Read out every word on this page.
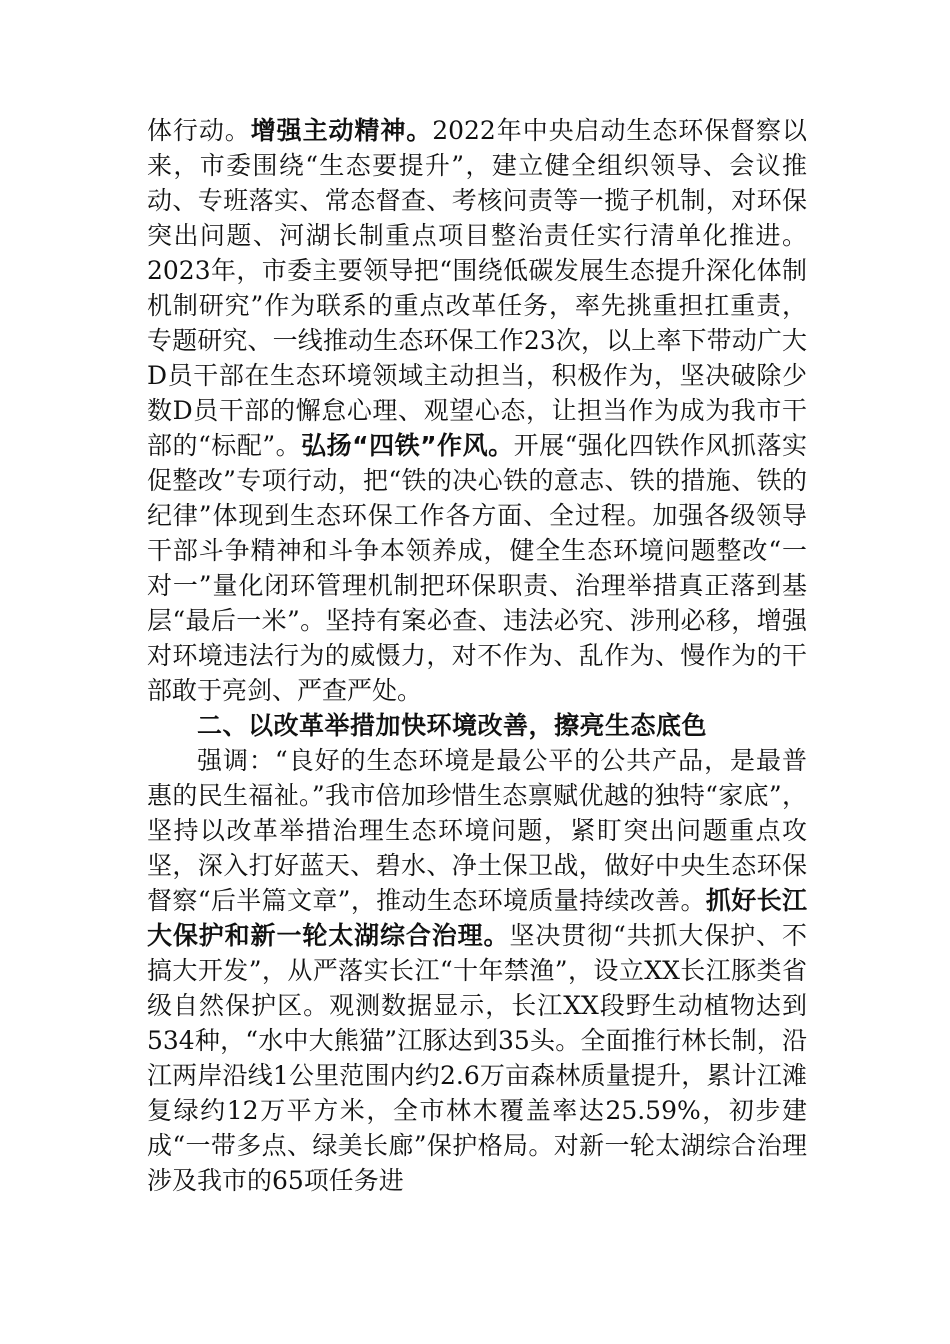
体行动。增强主动精神。2022年中央启动生态环保督察以来，市委围绕“生态要提升”，建立健全组织领导、会议推动、专班落实、常态督查、考核问责等一揽子机制，对环保突出问题、河湖长制重点项目整治责任实行清单化推进。2023年，市委主要领导把“围绕低碳发展生态提升深化体制机制研究”作为联系的重点改革任务，率先挑重担扛重责，专题研究、一线推动生态环保工作23次，以上率下带动广大D员干部在生态环境领域主动担当，积极作为，坚决破除少数D员干部的懈怠心理、观望心态，让担当作为成为我市干部的“标配”。弘扬“四铁”作风。开展“强化四铁作风抓落实促整改”专项行动，把“铁的决心铁的意志、铁的措施、铁的纪律”体现到生态环保工作各方面、全过程。加强各级领导干部斗争精神和斗争本领养成，健全生态环境问题整改“一对一”量化闭环管理机制把环保职责、治理举措真正落到基层“最后一米”。坚持有案必查、违法必究、涉刑必移，增强对环境违法行为的威慑力，对不作为、乱作为、慢作为的干部敢于亮剑、严查严处。

二、以改革举措加快环境改善，擦亮生态底色

强调：“良好的生态环境是最公平的公共产品，是最普惠的民生福祉。”我市倍加珍惜生态禀赋优越的独特“家底”，坚持以改革举措治理生态环境问题，紧盯突出问题重点攻坚，深入打好蓝天、碧水、净土保卫战，做好中央生态环保督察“后半篇文章”，推动生态环境质量持续改善。抓好长江大保护和新一轮太湖综合治理。坚决贯彻“共抓大保护、不搞大开发”，从严落实长江“十年禁渔”，设立XX长江豚类省级自然保护区。观测数据显示，长江XX段野生动植物达到534种，“水中大熊猫”江豚达到35头。全面推行林长制，沿江两岸沿线1公里范围内约2.6万亩森林质量提升，累计江滩复绿约12万平方米，全市林木覆盖率达25.59%，初步建成“一带多点、绿美长廊”保护格局。对新一轮太湖综合治理涉及我市的65项任务进
